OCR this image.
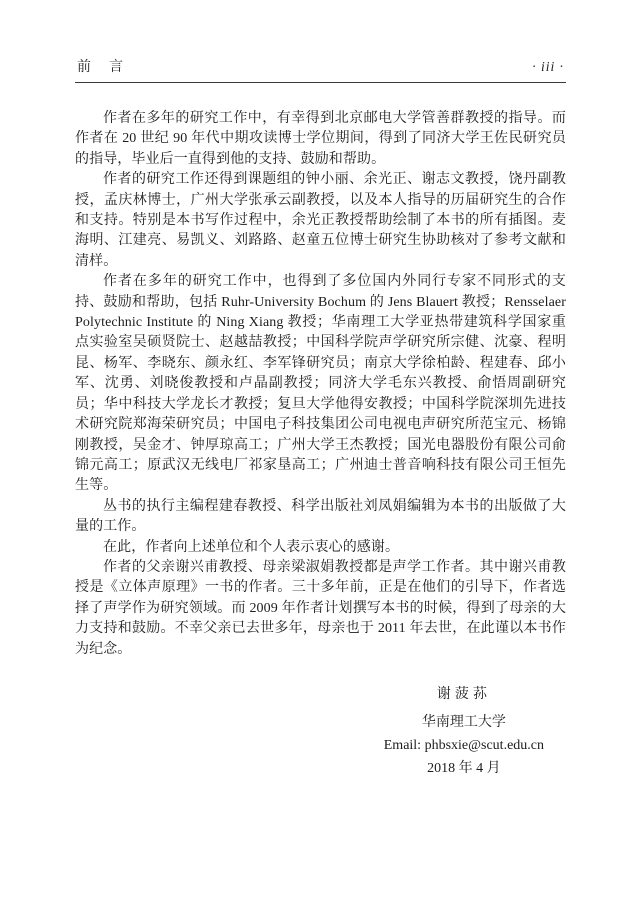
前　言	· iii ·

作者在多年的研究工作中，有幸得到北京邮电大学管善群教授的指导。而作者在 20 世纪 90 年代中期攻读博士学位期间，得到了同济大学王佐民研究员的指导，毕业后一直得到他的支持、鼓励和帮助。

作者的研究工作还得到课题组的钟小丽、余光正、谢志文教授，饶丹副教授，孟庆林博士，广州大学张承云副教授，以及本人指导的历届研究生的合作和支持。特别是本书写作过程中，余光正教授帮助绘制了本书的所有插图。麦海明、江建亮、易凯义、刘路路、赵童五位博士研究生协助核对了参考文献和清样。

作者在多年的研究工作中，也得到了多位国内外同行专家不同形式的支持、鼓励和帮助，包括 Ruhr-University Bochum 的 Jens Blauert 教授；Rensselaer Polytechnic Institute 的 Ning Xiang 教授；华南理工大学亚热带建筑科学国家重点实验室吴硕贤院士、赵越喆教授；中国科学院声学研究所宗健、沈豪、程明昆、杨军、李晓东、颜永红、李军锋研究员；南京大学徐柏龄、程建春、邱小军、沈勇、刘晓俊教授和卢晶副教授；同济大学毛东兴教授、俞悟周副研究员；华中科技大学龙长才教授；复旦大学他得安教授；中国科学院深圳先进技术研究院郑海荣研究员；中国电子科技集团公司电视电声研究所范宝元、杨锦刚教授，吴金才、钟厚琼高工；广州大学王杰教授；国光电器股份有限公司俞锦元高工；原武汉无线电厂祁家垦高工；广州迪士普音响科技有限公司王恒先生等。

丛书的执行主编程建春教授、科学出版社刘凤娟编辑为本书的出版做了大量的工作。

在此，作者向上述单位和个人表示衷心的感谢。

作者的父亲谢兴甫教授、母亲梁淑娟教授都是声学工作者。其中谢兴甫教授是《立体声原理》一书的作者。三十多年前，正是在他们的引导下，作者选择了声学作为研究领域。而 2009 年作者计划撰写本书的时候，得到了母亲的大力支持和鼓励。不幸父亲已去世多年，母亲也于 2011 年去世，在此谨以本书作为纪念。

谢菠荪
华南理工大学
Email: phbsxie@scut.edu.cn
2018 年 4 月
